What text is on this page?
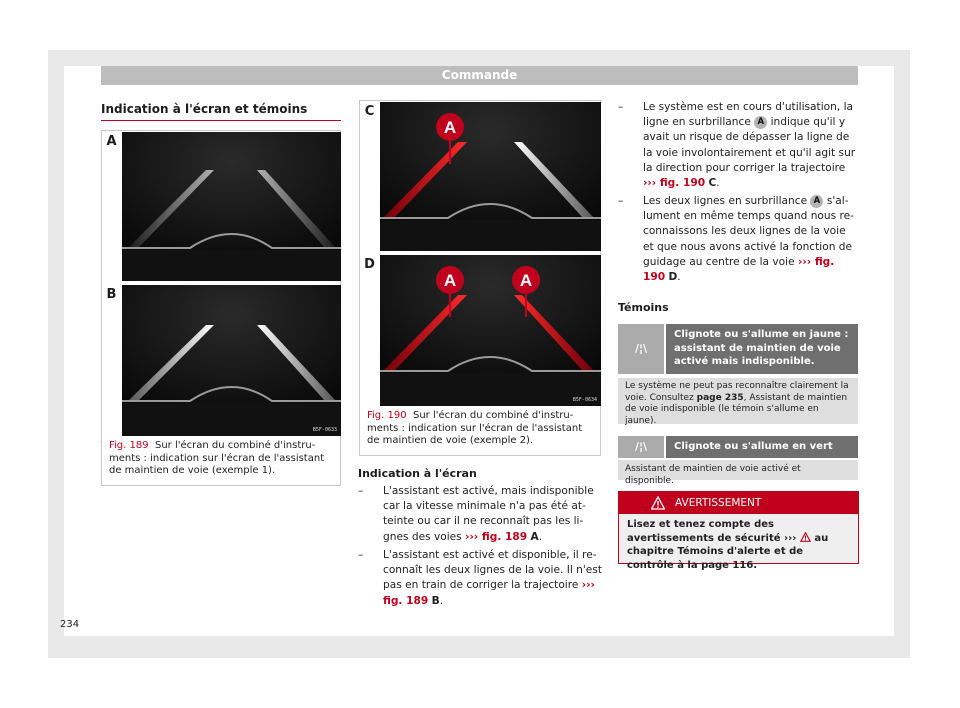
Commande
Indication à l'écran et témoins
A
B5F-0633
B
Fig. 189 Sur l'écran du combiné d'instruments : indication sur l'écran de l'assistant de maintien de voie (exemple 1).
A
C
A	A
B5F-0634
D
Fig. 190 Sur l'écran du combiné d'instruments : indication sur l'écran de l'assistant de maintien de voie (exemple 2).
Indication à l'écran
– L'assistant est activé, mais indisponible car la vitesse minimale n'a pas été atteinte ou car il ne reconnaît pas les lignes des voies ››› fig. 189 A.
– L'assistant est activé et disponible, il reconnaît les deux lignes de la voie. Il n'est pas en train de corriger la trajectoire ››› fig. 189 B.
– Le système est en cours d'utilisation, la ligne en surbrillance A indique qu'il y avait un risque de dépasser la ligne de la voie involontairement et qu'il agit sur la direction pour corriger la trajectoire ››› fig. 190 C.
– Les deux lignes en surbrillance A s'allument en même temps quand nous reconnaissons les deux lignes de la voie et que nous avons activé la fonction de guidage au centre de la voie ››› fig. 190 D.
Témoins
/¦\
Clignote ou s'allume en jaune : assistant de maintien de voie activé mais indisponible.
Le système ne peut pas reconnaître clairement la voie. Consultez page 235, Assistant de maintien de voie indisponible (le témoin s'allume en jaune).
/¦\	Clignote ou s'allume en vert
Assistant de maintien de voie activé et disponible.
AVERTISSEMENT
Lisez et tenez compte des avertissements de sécurité ››› au chapitre Témoins d'alerte et de contrôle à la page 116.
234
